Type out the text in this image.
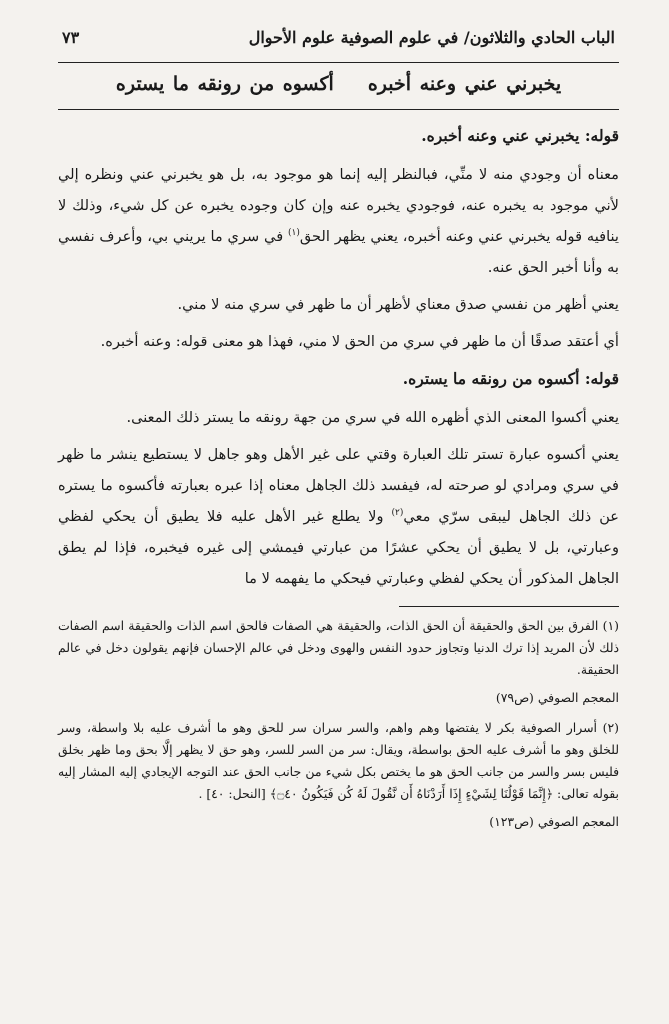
الباب الحادي والثلاثون/ في علوم الصوفية علوم الأحوال
٧٣
يخبرني عني وعنه أخبرهأكسوه من رونقه ما يستره
قوله: يخبرني عني وعنه أخبره.

معناه أن وجودي منه لا منِّي، فبالنظر إليه إنما هو موجود به، بل هو يخبرني عني ونظره إلي لأني موجود به يخبره عنه، فوجودي يخبره عنه وإن كان وجوده يخبره عن كل شيء، وذلك لا ينافيه قوله يخبرني عني وعنه أخبره، يعني يظهر الحق$^{(١)}$ في سري ما يريني بي، وأعرف نفسي به وأنا أخبر الحق عنه.

يعني أظهر من نفسي صدق معناي لأظهر أن ما ظهر في سري منه لا مني.

أي أعتقد صدقًا أن ما ظهر في سري من الحق لا مني، فهذا هو معنى قوله: وعنه أخبره.

قوله: أكسوه من رونقه ما يستره.

يعني أكسوا المعنى الذي أظهره الله في سري من جهة رونقه ما يستر ذلك المعنى.

يعني أكسوه عبارة تستر تلك العبارة وقتي على غير الأهل وهو جاهل لا يستطيع ينشر ما ظهر في سري ومرادي لو صرحته له، فيفسد ذلك الجاهل معناه إذا عبره بعبارته فأكسوه ما يستره عن ذلك الجاهل ليبقى سرّي معي$^{(٢)}$ ولا يطلع غير الأهل عليه فلا يطيق أن يحكي لفظي وعبارتي، بل لا يطيق أن يحكي عشرًا من عبارتي فيمشي إلى غيره فيخبره، فإذا لم يطق الجاهل المذكور أن يحكي لفظي وعبارتي فيحكي ما يفهمه لا ما

(١) الفرق بين الحق والحقيقة أن الحق الذات، والحقيقة هي الصفات فالحق اسم الذات والحقيقة اسم الصفات ذلك لأن المريد إذا ترك الدنيا وتجاوز حدود النفس والهوى ودخل في عالم الإحسان فإنهم يقولون دخل في عالم الحقيقة.
المعجم الصوفي (ص٧٩)
(٢) أسرار الصوفية بكر لا يفتضها وهم واهم، والسر سران سر للحق وهو ما أشرف عليه بلا واسطة، وسر للخلق وهو ما أشرف عليه الحق بواسطة، ويقال: سر من السر للسر، وهو حق لا يظهر إلَّا بحق وما ظهر بخلق فليس بسر والسر من جانب الحق هو ما يختص بكل شيء من جانب الحق عند التوجه الإيجادي إليه المشار إليه بقوله تعالى: ﴿إِنَّمَا قَوْلُنَا لِشَيْءٍ إِذَا أَرَدْنَاهُ أَن نَّقُولَ لَهُ كُن فَيَكُونُ ۝٤٠﴾ [النحل: ٤٠] .
المعجم الصوفي (ص١٢٣)
